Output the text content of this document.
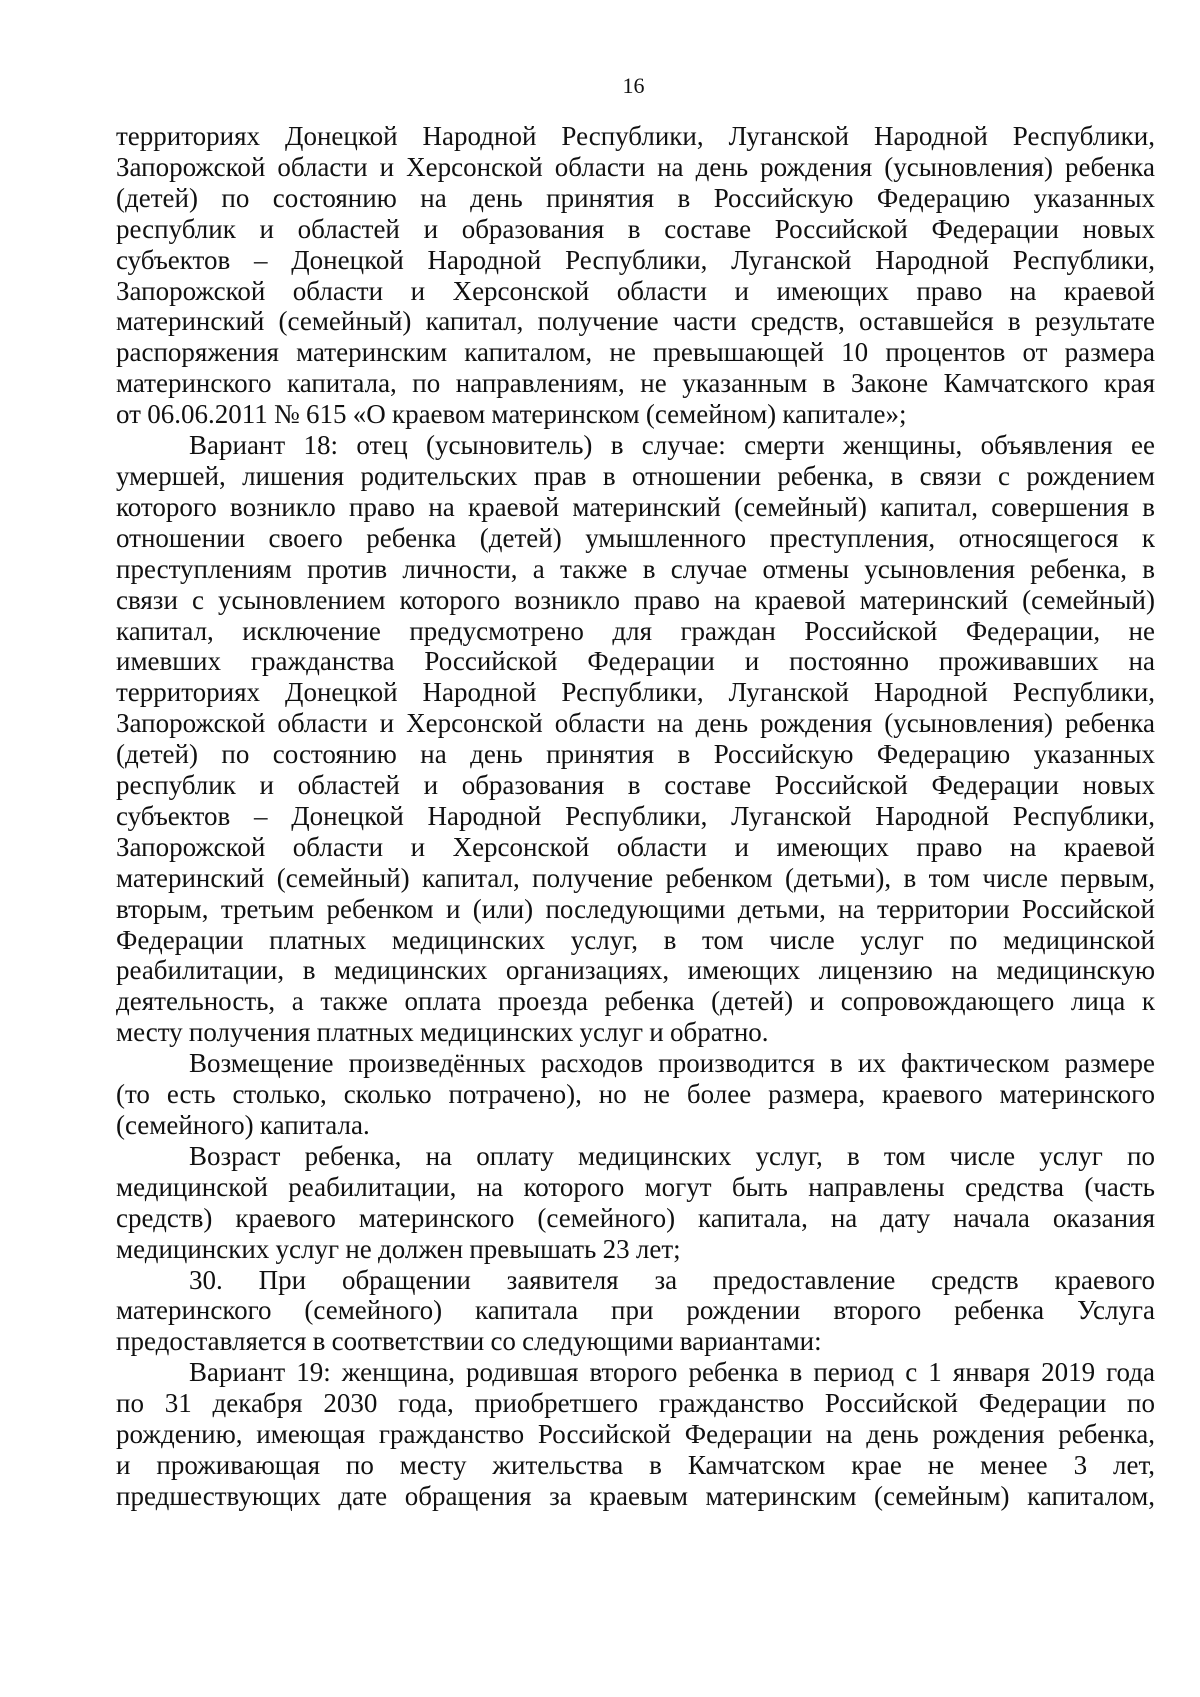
16
территориях Донецкой Народной Республики, Луганской Народной Республики,
Запорожской области и Херсонской области на день рождения (усыновления) ребенка
(детей) по состоянию на день принятия в Российскую Федерацию указанных
республик и областей и образования в составе Российской Федерации новых
субъектов – Донецкой Народной Республики, Луганской Народной Республики,
Запорожской области и Херсонской области и имеющих право на краевой
материнский (семейный) капитал, получение части средств, оставшейся в результате
распоряжения материнским капиталом, не превышающей 10 процентов от размера
материнского капитала, по направлениям, не указанным в Законе Камчатского края
от 06.06.2011 № 615 «О краевом материнском (семейном) капитале»;
Вариант 18: отец (усыновитель) в случае: смерти женщины, объявления ее
умершей, лишения родительских прав в отношении ребенка, в связи с рождением
которого возникло право на краевой материнский (семейный) капитал, совершения в
отношении своего ребенка (детей) умышленного преступления, относящегося к
преступлениям против личности, а также в случае отмены усыновления ребенка, в
связи с усыновлением которого возникло право на краевой материнский (семейный)
капитал, исключение предусмотрено для граждан Российской Федерации, не
имевших гражданства Российской Федерации и постоянно проживавших на
территориях Донецкой Народной Республики, Луганской Народной Республики,
Запорожской области и Херсонской области на день рождения (усыновления) ребенка
(детей) по состоянию на день принятия в Российскую Федерацию указанных
республик и областей и образования в составе Российской Федерации новых
субъектов – Донецкой Народной Республики, Луганской Народной Республики,
Запорожской области и Херсонской области и имеющих право на краевой
материнский (семейный) капитал, получение ребенком (детьми), в том числе первым,
вторым, третьим ребенком и (или) последующими детьми, на территории Российской
Федерации платных медицинских услуг, в том числе услуг по медицинской
реабилитации, в медицинских организациях, имеющих лицензию на медицинскую
деятельность, а также оплата проезда ребенка (детей) и сопровождающего лица к
месту получения платных медицинских услуг и обратно.
Возмещение произведённых расходов производится в их фактическом размере
(то есть столько, сколько потрачено), но не более размера, краевого материнского
(семейного) капитала.
Возраст ребенка, на оплату медицинских услуг, в том числе услуг по
медицинской реабилитации, на которого могут быть направлены средства (часть
средств) краевого материнского (семейного) капитала, на дату начала оказания
медицинских услуг не должен превышать 23 лет;
30. При обращении заявителя за предоставление средств краевого
материнского (семейного) капитала при рождении второго ребенка Услуга
предоставляется в соответствии со следующими вариантами:
Вариант 19: женщина, родившая второго ребенка в период с 1 января 2019 года
по 31 декабря 2030 года, приобретшего гражданство Российской Федерации по
рождению, имеющая гражданство Российской Федерации на день рождения ребенка,
и проживающая по месту жительства в Камчатском крае не менее 3 лет,
предшествующих дате обращения за краевым материнским (семейным) капиталом,
